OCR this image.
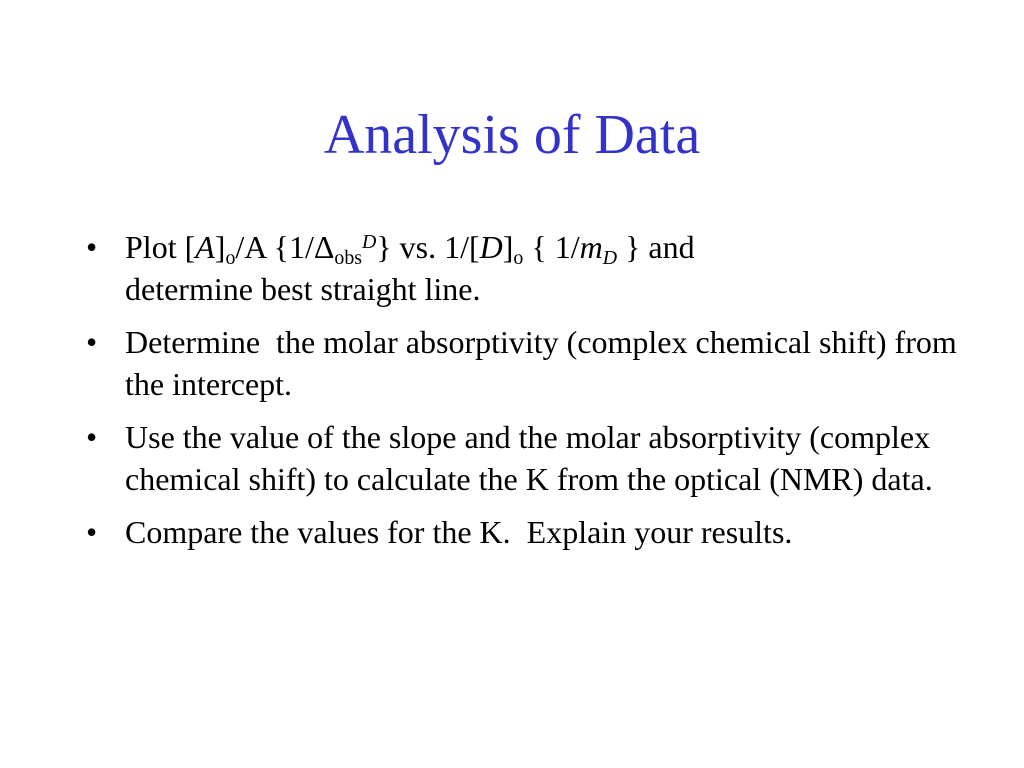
Analysis of Data
• Plot $[A]_o/A$ $\{1/\Delta_{obs}^D\}$ vs. $1/[D]_o$ { $1/m_D$ } and
determine best straight line.
• Determine  the molar absorptivity (complex chemical shift) from the intercept.
• Use the value of the slope and the molar absorptivity (complex chemical shift) to calculate the K from the optical (NMR) data.
• Compare the values for the K.  Explain your results.
